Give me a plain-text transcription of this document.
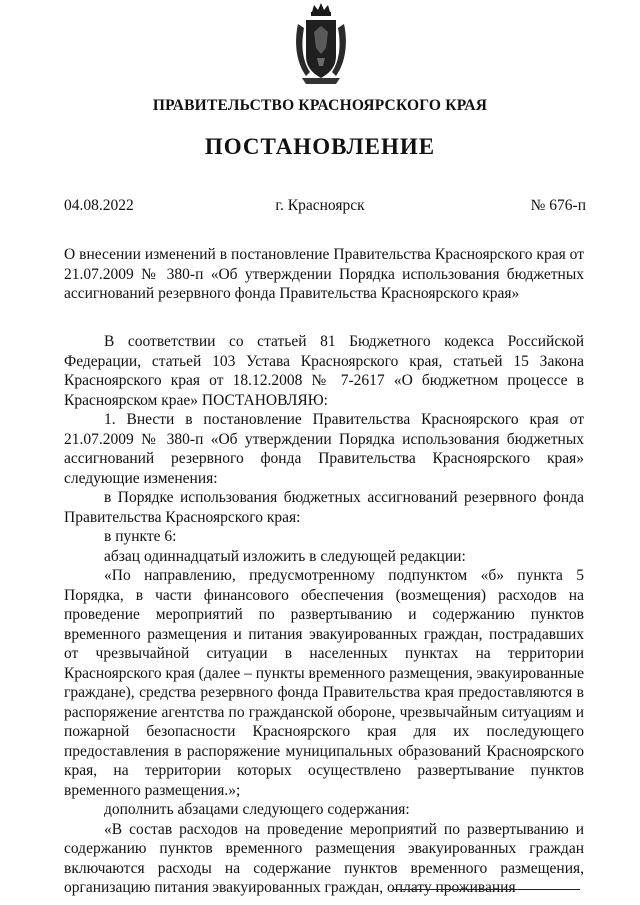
ПРАВИТЕЛЬСТВО КРАСНОЯРСКОГО КРАЯ
ПОСТАНОВЛЕНИЕ
04.08.2022	г. Красноярск	№ 676-п
О внесении изменений в постановление Правительства Красноярского края от 21.07.2009 № 380-п «Об утверждении Порядка использования бюджетных ассигнований резервного фонда Правительства Красноярского края»

В соответствии со статьей 81 Бюджетного кодекса Российской Федерации, статьей 103 Устава Красноярского края, статьей 15 Закона Красноярского края от 18.12.2008 № 7-2617 «О бюджетном процессе в Красноярском крае» ПОСТАНОВЛЯЮ:

1. Внести в постановление Правительства Красноярского края от 21.07.2009 № 380-п «Об утверждении Порядка использования бюджетных ассигнований резервного фонда Правительства Красноярского края» следующие изменения:

в Порядке использования бюджетных ассигнований резервного фонда Правительства Красноярского края:

в пункте 6:

абзац одиннадцатый изложить в следующей редакции:

«По направлению, предусмотренному подпунктом «б» пункта 5 Порядка, в части финансового обеспечения (возмещения) расходов на проведение мероприятий по развертыванию и содержанию пунктов временного размещения и питания эвакуированных граждан, пострадавших от чрезвычайной ситуации в населенных пунктах на территории Красноярского края (далее – пункты временного размещения, эвакуированные граждане), средства резервного фонда Правительства края предоставляются в распоряжение агентства по гражданской обороне, чрезвычайным ситуациям и пожарной безопасности Красноярского края для их последующего предоставления в распоряжение муниципальных образований Красноярского края, на территории которых осуществлено развертывание пунктов временного размещения.»;

дополнить абзацами следующего содержания:

«В состав расходов на проведение мероприятий по развертыванию и содержанию пунктов временного размещения эвакуированных граждан включаются расходы на содержание пунктов временного размещения, организацию питания эвакуированных граждан, оплату проживания
